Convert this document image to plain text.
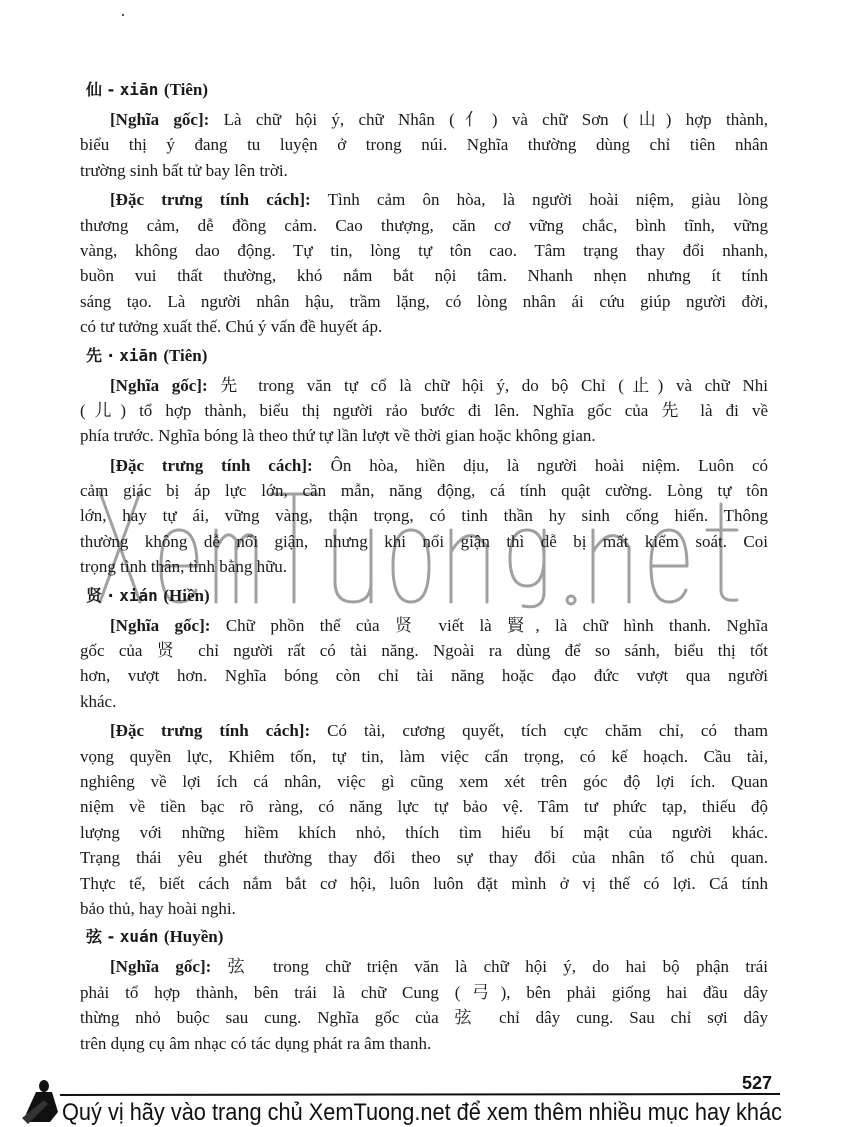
仙 - xiān (Tiên)
[Nghĩa gốc]: Là chữ hội ý, chữ Nhân (亻) và chữ Sơn (山) hợp thành,
biểu thị ý đang tu luyện ở trong núi. Nghĩa thường dùng chỉ tiên nhân
trường sinh bất tử bay lên trời.
[Đặc trưng tính cách]: Tình cảm ôn hòa, là người hoài niệm, giàu lòng
thương cảm, dễ đồng cảm. Cao thượng, căn cơ vững chắc, bình tĩnh, vững
vàng, không dao động. Tự tin, lòng tự tôn cao. Tâm trạng thay đổi nhanh,
buồn vui thất thường, khó nắm bắt nội tâm. Nhanh nhẹn nhưng ít tính
sáng tạo. Là người nhân hậu, trầm lặng, có lòng nhân ái cứu giúp người đời,
có tư tưởng xuất thế. Chú ý vấn đề huyết áp.
先 · xiān (Tiên)
[Nghĩa gốc]: 先 trong văn tự cổ là chữ hội ý, do bộ Chỉ (止) và chữ Nhi
(儿) tổ hợp thành, biểu thị người rảo bước đi lên. Nghĩa gốc của 先 là đi về
phía trước. Nghĩa bóng là theo thứ tự lần lượt về thời gian hoặc không gian.
[Đặc trưng tính cách]: Ôn hòa, hiền dịu, là người hoài niệm. Luôn có
cảm giác bị áp lực lớn, cần mẫn, năng động, cá tính quật cường. Lòng tự tôn
lớn, hay tự ái, vững vàng, thận trọng, có tinh thần hy sinh cống hiến. Thông
thường không dễ nổi giận, nhưng khi nổi giận thì dễ bị mất kiểm soát. Coi
trọng tình thân, tình bằng hữu.
贤 · xián (Hiền)
[Nghĩa gốc]: Chữ phồn thể của 贤 viết là 賢, là chữ hình thanh. Nghĩa
gốc của 贤 chỉ người rất có tài năng. Ngoài ra dùng để so sánh, biểu thị tốt
hơn, vượt hơn. Nghĩa bóng còn chỉ tài năng hoặc đạo đức vượt qua người
khác.
[Đặc trưng tính cách]: Có tài, cương quyết, tích cực chăm chỉ, có tham
vọng quyền lực, Khiêm tốn, tự tin, làm việc cẩn trọng, có kế hoạch. Cầu tài,
nghiêng về lợi ích cá nhân, việc gì cũng xem xét trên góc độ lợi ích. Quan
niệm về tiền bạc rõ ràng, có năng lực tự bảo vệ. Tâm tư phức tạp, thiếu độ
lượng với những hiềm khích nhỏ, thích tìm hiểu bí mật của người khác.
Trạng thái yêu ghét thường thay đổi theo sự thay đổi của nhân tố chủ quan.
Thực tế, biết cách nắm bắt cơ hội, luôn luôn đặt mình ở vị thế có lợi. Cá tính
bảo thủ, hay hoài nghi.
弦 - xuán (Huyền)
[Nghĩa gốc]: 弦 trong chữ triện văn là chữ hội ý, do hai bộ phận trái
phải tổ hợp thành, bên trái là chữ Cung (弓), bên phải giống hai đầu dây
thừng nhỏ buộc sau cung. Nghĩa gốc của 弦 chỉ dây cung. Sau chỉ sợi dây
trên dụng cụ âm nhạc có tác dụng phát ra âm thanh.
527
Quý vị hãy vào trang chủ XemTuong.net để xem thêm nhiều mục hay khác
